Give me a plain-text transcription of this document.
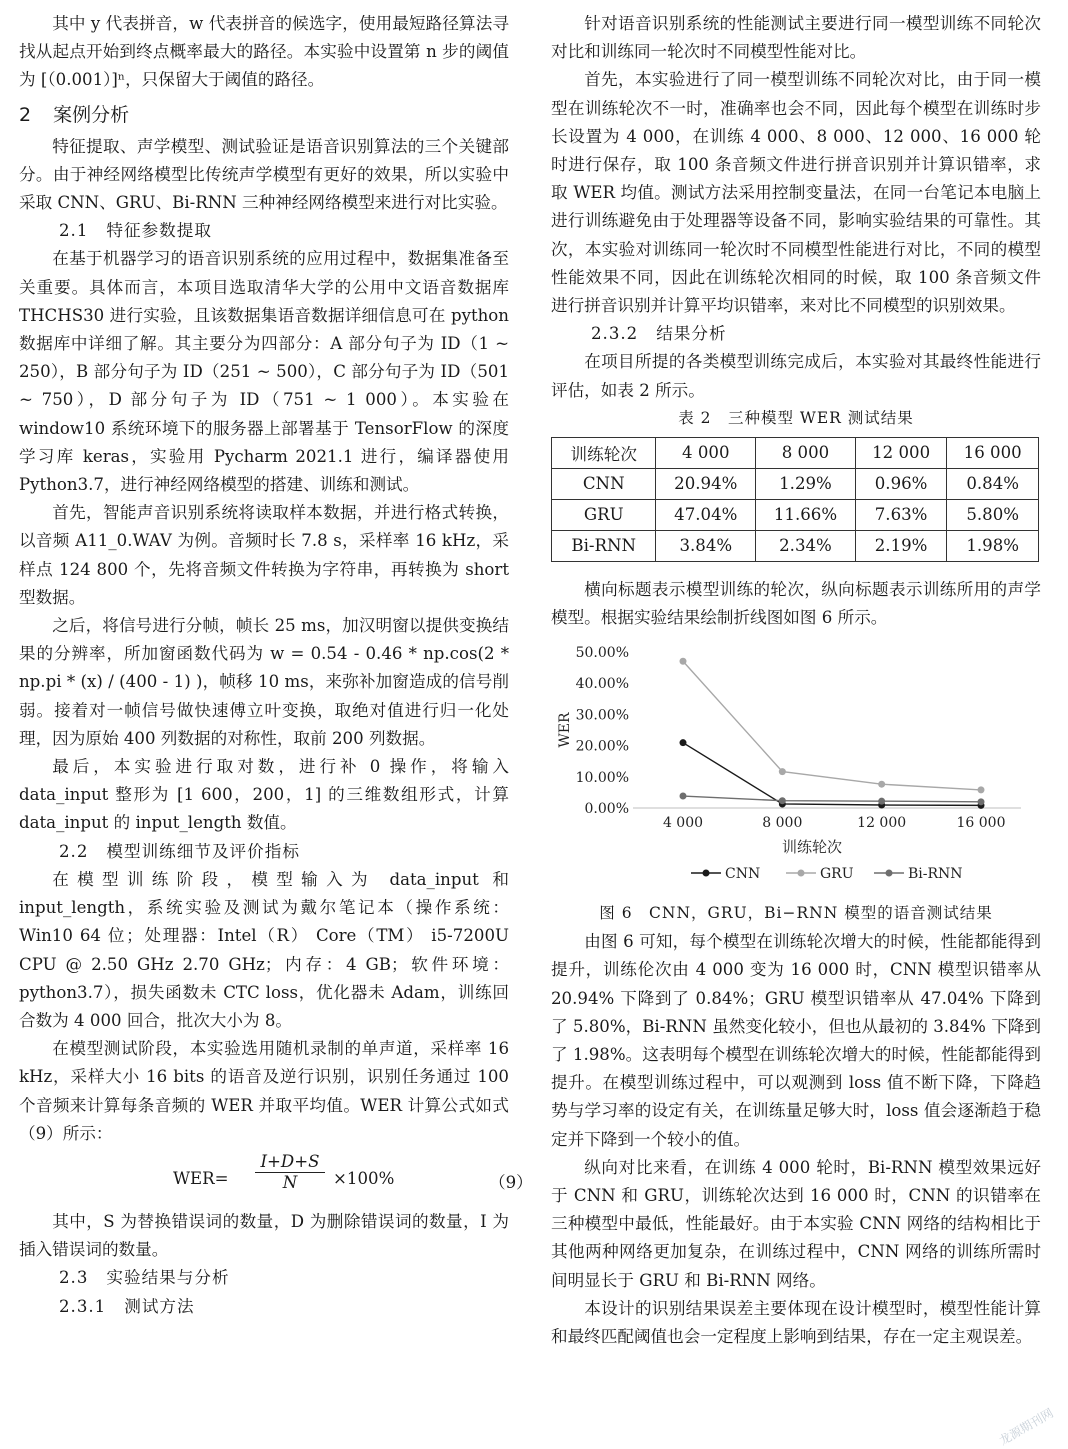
其中 y 代表拼音，w 代表拼音的候选字，使用最短路径算法寻找从起点开始到终点概率最大的路径。本实验中设置第 n 步的阈值为 [（0.001）]ⁿ，只保留大于阈值的路径。

2 案例分析

特征提取、声学模型、测试验证是语音识别算法的三个关键部分。由于神经网络模型比传统声学模型有更好的效果，所以实验中采取 CNN、GRU、Bi-RNN 三种神经网络模型来进行对比实验。

2.1 特征参数提取

在基于机器学习的语音识别系统的应用过程中，数据集准备至关重要。具体而言，本项目选取清华大学的公用中文语音数据库 THCHS30 进行实验，且该数据集语音数据详细信息可在 python 数据库中详细了解。其主要分为四部分：A 部分句子为 ID（1 ~ 250），B 部分句子为 ID（251 ~ 500），C 部分句子为 ID（501 ~ 750），D 部分句子为 ID（751 ~ 1 000）。本实验在 window10 系统环境下的服务器上部署基于 TensorFlow 的深度学习库 keras，实验用 Pycharm 2021.1 进行，编译器使用 Python3.7，进行神经网络模型的搭建、训练和测试。

首先，智能声音识别系统将读取样本数据，并进行格式转换，以音频 A11_0.WAV 为例。音频时长 7.8 s，采样率 16 kHz，采样点 124 800 个，先将音频文件转换为字符串，再转换为 short 型数据。

之后，将信号进行分帧，帧长 25 ms，加汉明窗以提供变换结果的分辨率，所加窗函数代码为 w = 0.54 - 0.46 * np.cos(2 * np.pi * (x) / (400 - 1) )，帧移 10 ms，来弥补加窗造成的信号削弱。接着对一帧信号做快速傅立叶变换，取绝对值进行归一化处理，因为原始 400 列数据的对称性，取前 200 列数据。

最后，本实验进行取对数，进行补 0 操作，将输入 data_input 整形为 [1 600，200，1] 的三维数组形式，计算 data_input 的 input_length 数值。

2.2 模型训练细节及评价指标

在模型训练阶段，模型输入为 data_input 和 input_length，系统实验及测试为戴尔笔记本（操作系统：Win10 64 位；处理器：Intel（R） Core（TM） i5-7200U CPU @ 2.50 GHz 2.70 GHz；内存：4 GB；软件环境：python3.7），损失函数未 CTC loss，优化器未 Adam，训练回合数为 4 000 回合，批次大小为 8。

在模型测试阶段，本实验选用随机录制的单声道，采样率 16 kHz，采样大小 16 bits 的语音及逆行识别，识别任务通过 100 个音频来计算每条音频的 WER 并取平均值。WER 计算公式如式（9）所示：

$WER= \frac{I+D+S}{N} \times 100\%$	（9）

其中，S 为替换错误词的数量，D 为删除错误词的数量，I 为插入错误词的数量。

2.3 实验结果与分析
2.3.1 测试方法

针对语音识别系统的性能测试主要进行同一模型训练不同轮次对比和训练同一轮次时不同模型性能对比。

首先，本实验进行了同一模型训练不同轮次对比，由于同一模型在训练轮次不一时，准确率也会不同，因此每个模型在训练时步长设置为 4 000，在训练 4 000、8 000、12 000、16 000 轮时进行保存，取 100 条音频文件进行拼音识别并计算识错率，求取 WER 均值。测试方法采用控制变量法，在同一台笔记本电脑上进行训练避免由于处理器等设备不同，影响实验结果的可靠性。其次，本实验对训练同一轮次时不同模型性能进行对比，不同的模型性能效果不同，因此在训练轮次相同的时候，取 100 条音频文件进行拼音识别并计算平均识错率，来对比不同模型的识别效果。

2.3.2 结果分析

在项目所提的各类模型训练完成后，本实验对其最终性能进行评估，如表 2 所示。

表 2　三种模型 WER 测试结果
训练轮次	4 000	8 000	12 000	16 000
CNN	20.94%	1.29%	0.96%	0.84%
GRU	47.04%	11.66%	7.63%	5.80%
Bi-RNN	3.84%	2.34%	2.19%	1.98%

横向标题表示模型训练的轮次，纵向标题表示训练所用的声学模型。根据实验结果绘制折线图如图 6 所示。

0.00%
10.00%
20.00%
30.00%
40.00%
50.00%
4 000	8 000	12 000	16 000
WER
训练轮次
CNN	GRU	Bi-RNN
图 6　CNN，GRU，Bi−RNN 模型的语音测试结果

由图 6 可知，每个模型在训练轮次增大的时候，性能都能得到提升，训练伦次由 4 000 变为 16 000 时，CNN 模型识错率从 20.94% 下降到了 0.84%；GRU 模型识错率从 47.04% 下降到了 5.80%，Bi-RNN 虽然变化较小，但也从最初的 3.84% 下降到了 1.98%。这表明每个模型在训练轮次增大的时候，性能都能得到提升。在模型训练过程中，可以观测到 loss 值不断下降，下降趋势与学习率的设定有关，在训练量足够大时，loss 值会逐渐趋于稳定并下降到一个较小的值。

纵向对比来看，在训练 4 000 轮时，Bi-RNN 模型效果远好于 CNN 和 GRU，训练轮次达到 16 000 时，CNN 的识错率在三种模型中最低，性能最好。由于本实验 CNN 网络的结构相比于其他两种网络更加复杂，在训练过程中，CNN 网络的训练所需时间明显长于 GRU 和 Bi-RNN 网络。

本设计的识别结果误差主要体现在设计模型时，模型性能计算和最终匹配阈值也会一定程度上影响到结果，存在一定主观误差。

龙源期刊网
